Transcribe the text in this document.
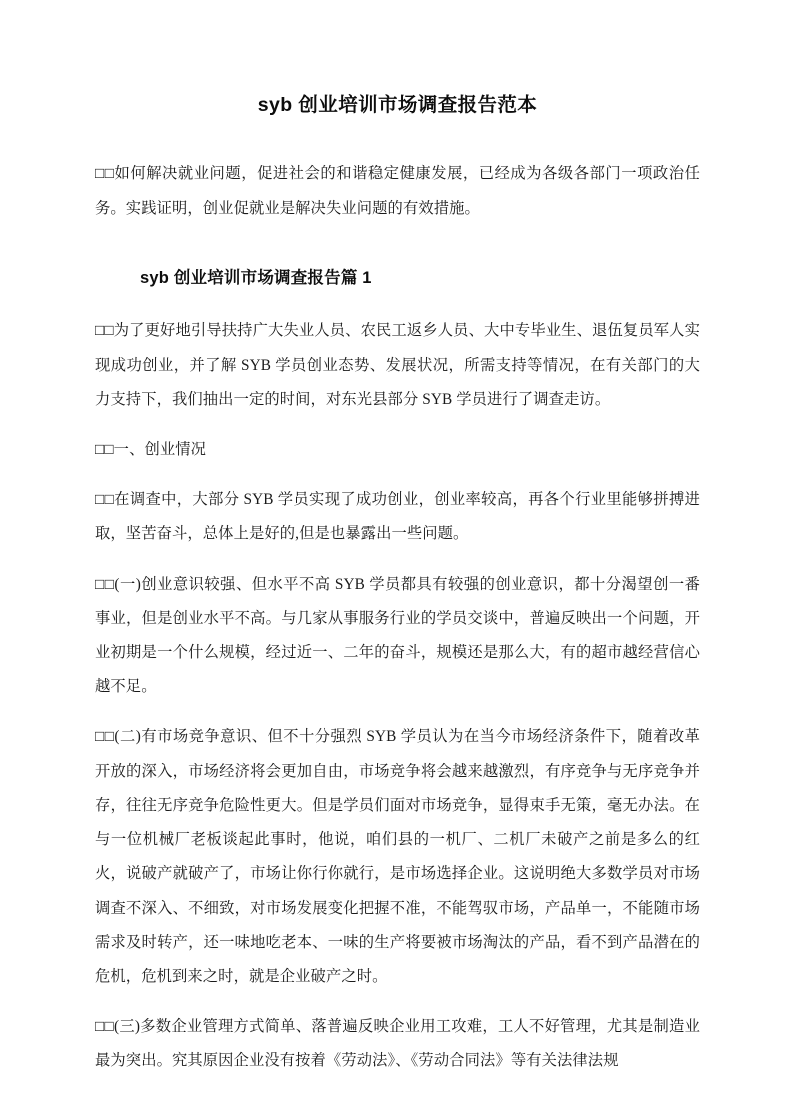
syb 创业培训市场调查报告范本

□□如何解决就业问题，促进社会的和谐稳定健康发展，已经成为各级各部门一项政治任务。实践证明，创业促就业是解决失业问题的有效措施。

syb 创业培训市场调查报告篇 1

□□为了更好地引导扶持广大失业人员、农民工返乡人员、大中专毕业生、退伍复员军人实现成功创业，并了解 SYB 学员创业态势、发展状况，所需支持等情况，在有关部门的大力支持下，我们抽出一定的时间，对东光县部分 SYB 学员进行了调查走访。

□□一、创业情况

□□在调查中，大部分 SYB 学员实现了成功创业，创业率较高，再各个行业里能够拼搏进取，坚苦奋斗，总体上是好的,但是也暴露出一些问题。

□□(一)创业意识较强、但水平不高 SYB 学员都具有较强的创业意识，都十分渴望创一番事业，但是创业水平不高。与几家从事服务行业的学员交谈中，普遍反映出一个问题，开业初期是一个什么规模，经过近一、二年的奋斗，规模还是那么大，有的超市越经营信心越不足。

□□(二)有市场竞争意识、但不十分强烈 SYB 学员认为在当今市场经济条件下，随着改革开放的深入，市场经济将会更加自由，市场竞争将会越来越激烈，有序竞争与无序竞争并存，往往无序竞争危险性更大。但是学员们面对市场竞争，显得束手无策，毫无办法。在与一位机械厂老板谈起此事时，他说，咱们县的一机厂、二机厂未破产之前是多么的红火，说破产就破产了，市场让你行你就行，是市场选择企业。这说明绝大多数学员对市场调查不深入、不细致，对市场发展变化把握不准，不能驾驭市场，产品单一，不能随市场需求及时转产，还一味地吃老本、一味的生产将要被市场淘汰的产品，看不到产品潜在的危机，危机到来之时，就是企业破产之时。

□□(三)多数企业管理方式简单、落普遍反映企业用工攻难，工人不好管理，尤其是制造业最为突出。究其原因企业没有按着《劳动法》、《劳动合同法》等有关法律法规
